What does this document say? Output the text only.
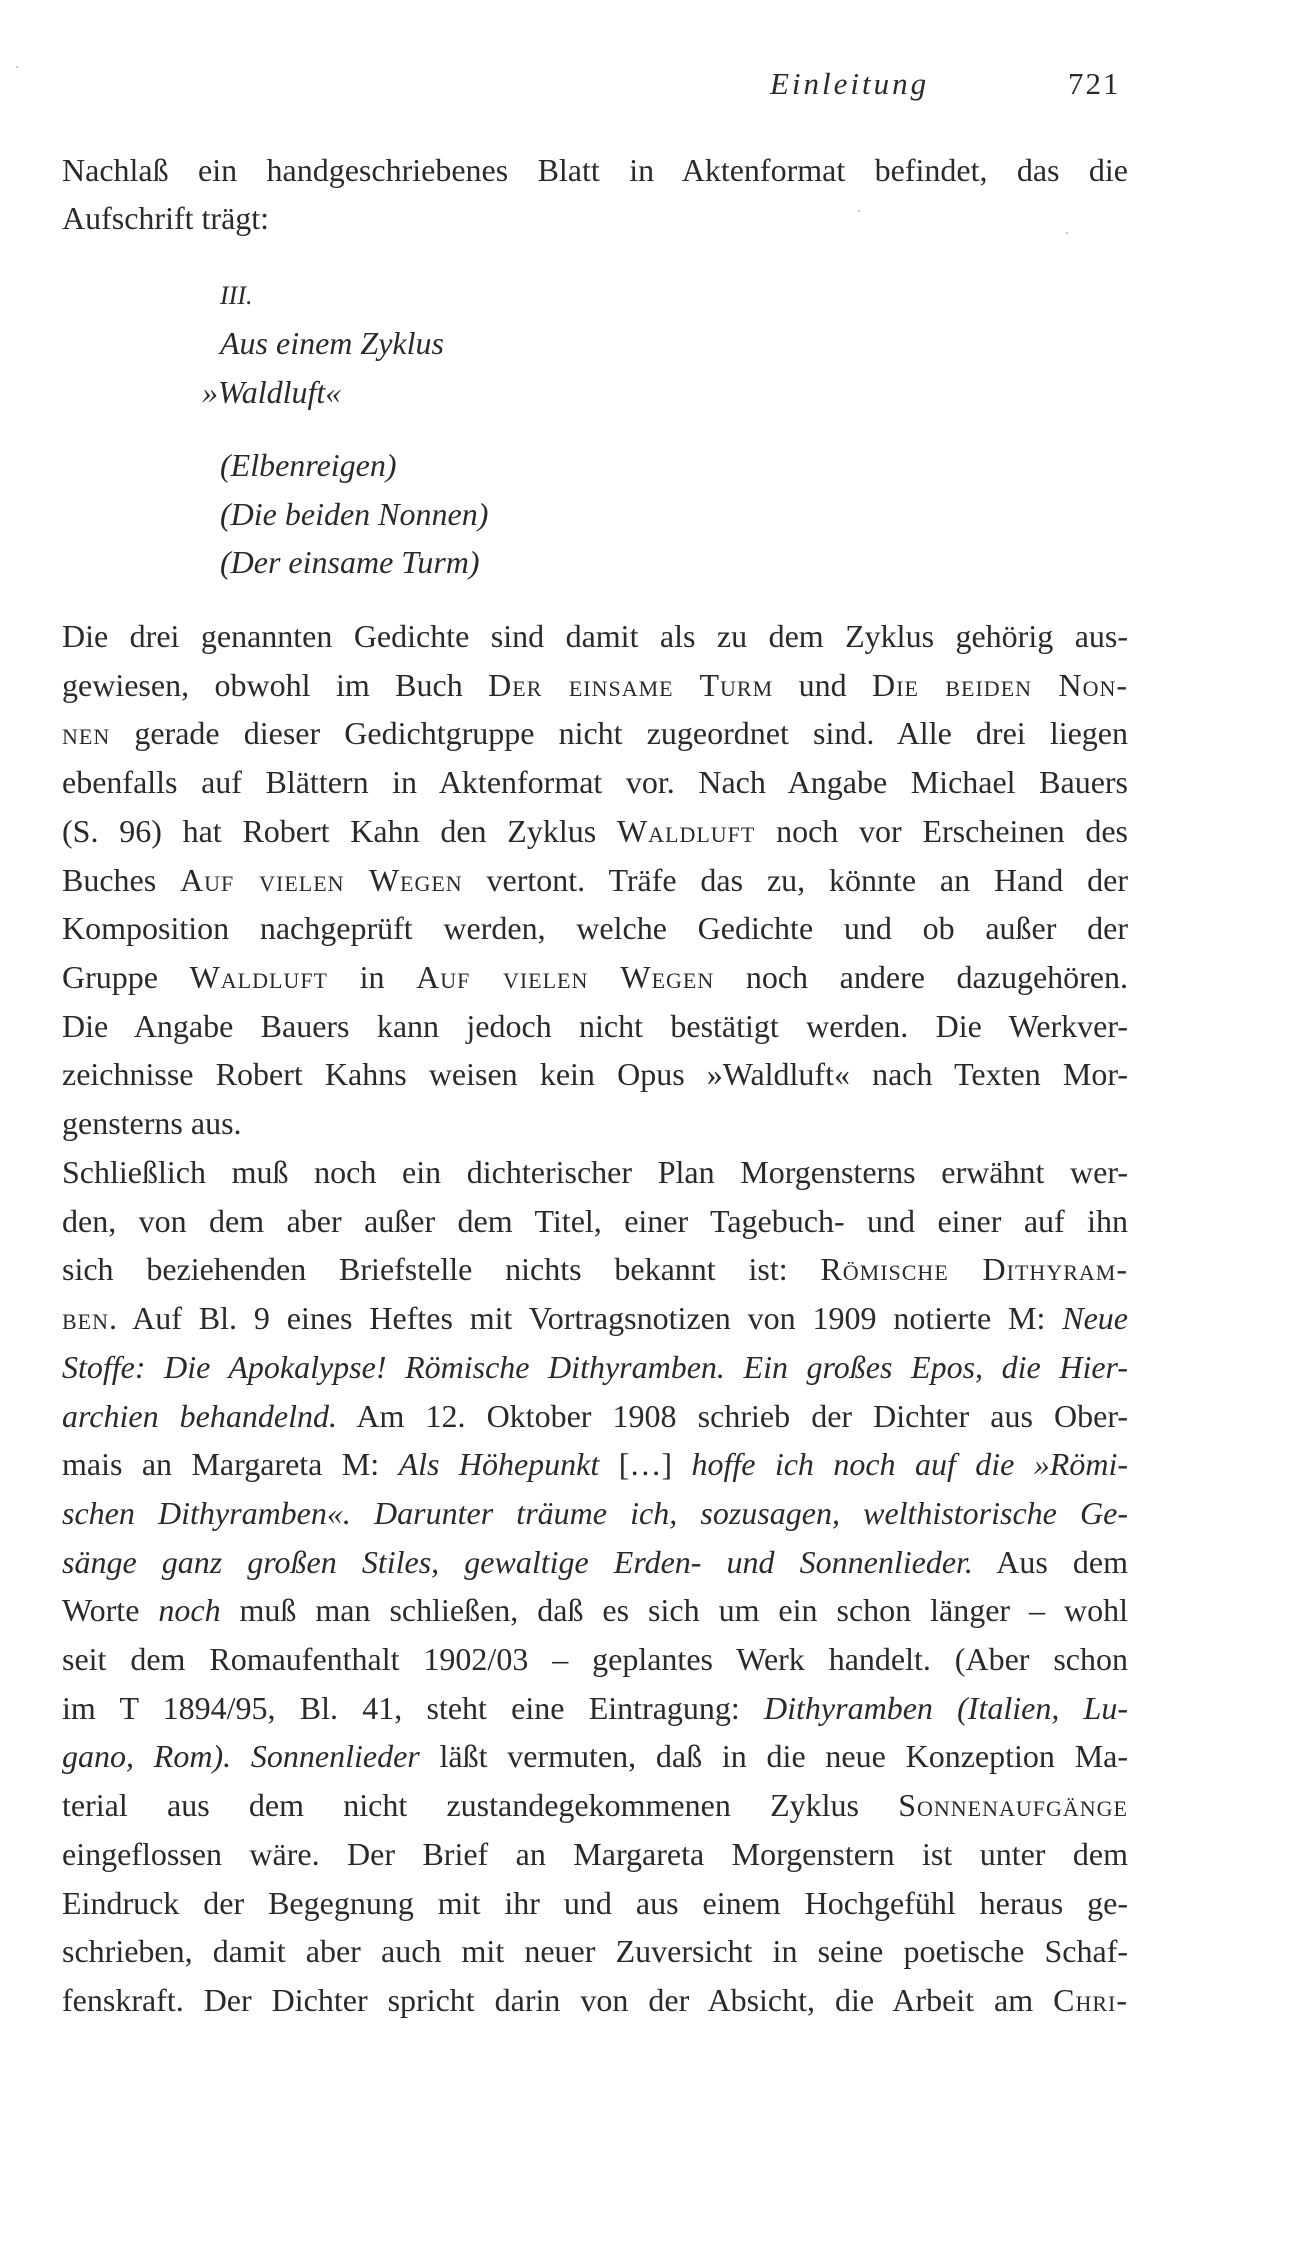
Einleitung	721
Nachlaß ein handgeschriebenes Blatt in Aktenformat befindet, das die
Aufschrift trägt:
III.
Aus einem Zyklus
»Waldluft«
(Elbenreigen)
(Die beiden Nonnen)
(Der einsame Turm)
Die drei genannten Gedichte sind damit als zu dem Zyklus gehörig aus-
gewiesen, obwohl im Buch Der einsame Turm und Die beiden Non-
nen gerade dieser Gedichtgruppe nicht zugeordnet sind. Alle drei liegen
ebenfalls auf Blättern in Aktenformat vor. Nach Angabe Michael Bauers
(S. 96) hat Robert Kahn den Zyklus Waldluft noch vor Erscheinen des
Buches Auf vielen Wegen vertont. Träfe das zu, könnte an Hand der
Komposition nachgeprüft werden, welche Gedichte und ob außer der
Gruppe Waldluft in Auf vielen Wegen noch andere dazugehören.
Die Angabe Bauers kann jedoch nicht bestätigt werden. Die Werkver-
zeichnisse Robert Kahns weisen kein Opus »Waldluft« nach Texten Mor-
gensterns aus.
Schließlich muß noch ein dichterischer Plan Morgensterns erwähnt wer-
den, von dem aber außer dem Titel, einer Tagebuch- und einer auf ihn
sich beziehenden Briefstelle nichts bekannt ist: Römische Dithyram-
ben. Auf Bl. 9 eines Heftes mit Vortragsnotizen von 1909 notierte M: Neue
Stoffe: Die Apokalypse! Römische Dithyramben. Ein großes Epos, die Hier-
archien behandelnd. Am 12. Oktober 1908 schrieb der Dichter aus Ober-
mais an Margareta M: Als Höhepunkt […] hoffe ich noch auf die »Römi-
schen Dithyramben«. Darunter träume ich, sozusagen, welthistorische Ge-
sänge ganz großen Stiles, gewaltige Erden- und Sonnenlieder. Aus dem
Worte noch muß man schließen, daß es sich um ein schon länger – wohl
seit dem Romaufenthalt 1902/03 – geplantes Werk handelt. (Aber schon
im T 1894/95, Bl. 41, steht eine Eintragung: Dithyramben (Italien, Lu-
gano, Rom). Sonnenlieder läßt vermuten, daß in die neue Konzeption Ma-
terial aus dem nicht zustandegekommenen Zyklus Sonnenaufgänge
eingeflossen wäre. Der Brief an Margareta Morgenstern ist unter dem
Eindruck der Begegnung mit ihr und aus einem Hochgefühl heraus ge-
schrieben, damit aber auch mit neuer Zuversicht in seine poetische Schaf-
fenskraft. Der Dichter spricht darin von der Absicht, die Arbeit am Chri-
